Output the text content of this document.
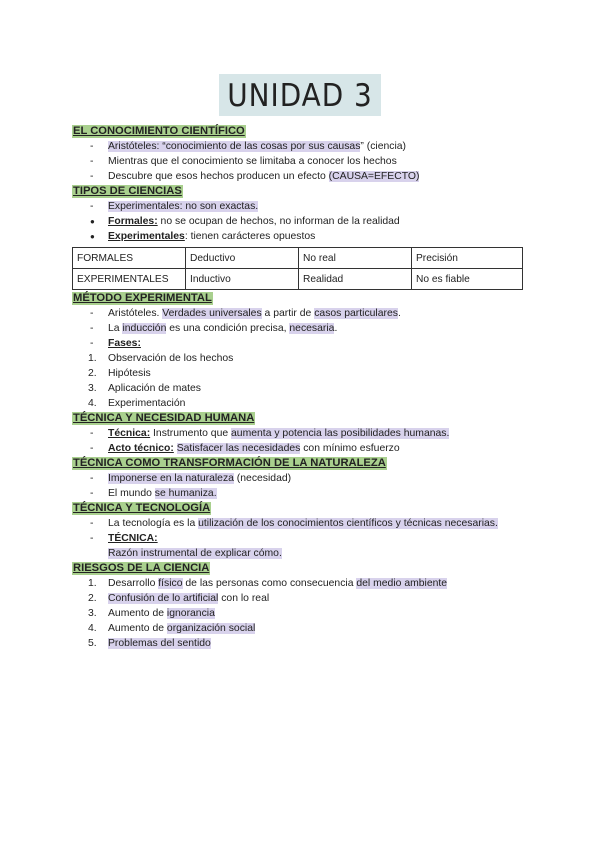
UNIDAD 3
EL CONOCIMIENTO CIENTÍFICO
-	Aristóteles: “conocimiento de las cosas por sus causas” (ciencia)
-	Mientras que el conocimiento se limitaba a conocer los hechos
-	Descubre que esos hechos producen un efecto (CAUSA=EFECTO)
TIPOS DE CIENCIAS
-	Experimentales: no son exactas.
●	Formales: no se ocupan de hechos, no informan de la realidad
●	Experimentales: tienen carácteres opuestos
FORMALES	Deductivo	No real	Precisión
EXPERIMENTALES	Inductivo	Realidad	No es fiable
MÉTODO EXPERIMENTAL
-	Aristóteles. Verdades universales a partir de casos particulares.
-	La inducción es una condición precisa, necesaria.
-	Fases:
1.	Observación de los hechos
2.	Hipótesis
3.	Aplicación de mates
4.	Experimentación
TÉCNICA Y NECESIDAD HUMANA
-	Técnica: Instrumento que aumenta y potencia las posibilidades humanas.
-	Acto técnico: Satisfacer las necesidades con mínimo esfuerzo
TÉCNICA COMO TRANSFORMACIÓN DE LA NATURALEZA
-	Imponerse en la naturaleza (necesidad)
-	El mundo se humaniza.
TÉCNICA Y TECNOLOGÍA
-	La tecnología es la utilización de los conocimientos científicos y técnicas necesarias.
-	TÉCNICA:
Razón instrumental de explicar cómo.
RIESGOS DE LA CIENCIA
1.	Desarrollo físico de las personas como consecuencia del medio ambiente
2.	Confusión de lo artificial con lo real
3.	Aumento de ignorancia
4.	Aumento de organización social
5.	Problemas del sentido
